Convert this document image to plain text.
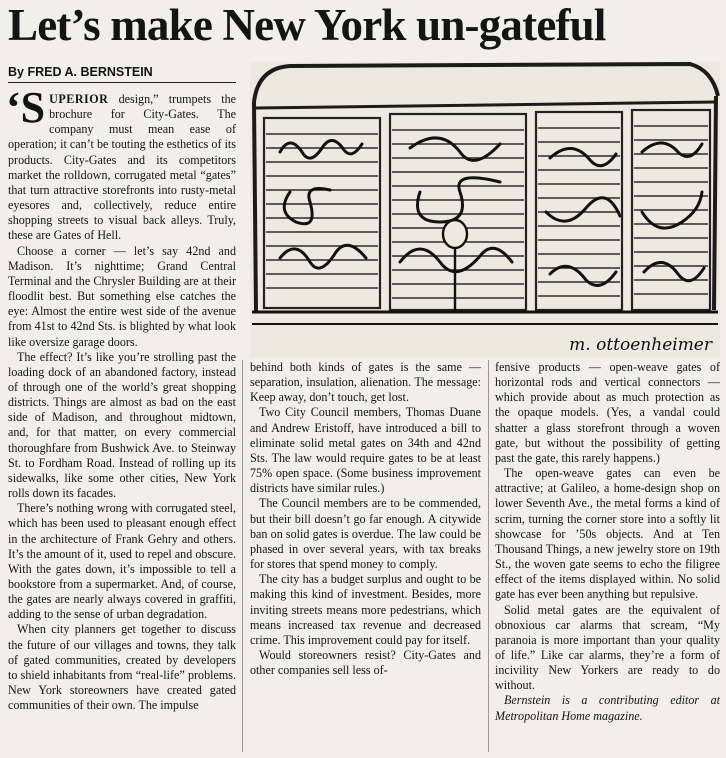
Let’s make New York un-gateful
By FRED A. BERNSTEIN

‘SUPERIOR design,” trumpets the brochure for City-Gates. The company must mean ease of operation; it can’t be touting the esthetics of its products. City-Gates and its competitors market the rolldown, corrugated metal “gates” that turn attractive storefronts into rusty-metal eyesores and, collectively, reduce entire shopping streets to visual back alleys. Truly, these are Gates of Hell.

Choose a corner — let’s say 42nd and Madison. It’s nighttime; Grand Central Terminal and the Chrysler Building are at their floodlit best. But something else catches the eye: Almost the entire west side of the avenue from 41st to 42nd Sts. is blighted by what look like oversize garage doors.

The effect? It’s like you’re strolling past the loading dock of an abandoned factory, instead of through one of the world’s great shopping districts. Things are almost as bad on the east side of Madison, and throughout midtown, and, for that matter, on every commercial thoroughfare from Bushwick Ave. to Steinway St. to Fordham Road. Instead of rolling up its sidewalks, like some other cities, New York rolls down its facades.

There’s nothing wrong with corrugated steel, which has been used to pleasant enough effect in the architecture of Frank Gehry and others. It’s the amount of it, used to repel and obscure. With the gates down, it’s impossible to tell a bookstore from a supermarket. And, of course, the gates are nearly always covered in graffiti, adding to the sense of urban degradation.

When city planners get together to discuss the future of our villages and towns, they talk of gated communities, created by developers to shield inhabitants from “real-life” problems. New York storeowners have created gated communities of their own. The impulse

m. ottoenheimer

behind both kinds of gates is the same — separation, insulation, alienation. The message: Keep away, don’t touch, get lost.

Two City Council members, Thomas Duane and Andrew Eristoff, have introduced a bill to eliminate solid metal gates on 34th and 42nd Sts. The law would require gates to be at least 75% open space. (Some business improvement districts have similar rules.)

The Council members are to be commended, but their bill doesn’t go far enough. A citywide ban on solid gates is overdue. The law could be phased in over several years, with tax breaks for stores that spend money to comply.

The city has a budget surplus and ought to be making this kind of investment. Besides, more inviting streets means more pedestrians, which means increased tax revenue and decreased crime. This improvement could pay for itself.

Would storeowners resist? City-Gates and other companies sell less of-

fensive products — open-weave gates of horizontal rods and vertical connectors — which provide about as much protection as the opaque models. (Yes, a vandal could shatter a glass storefront through a woven gate, but without the possibility of getting past the gate, this rarely happens.)

The open-weave gates can even be attractive; at Galileo, a home-design shop on lower Seventh Ave., the metal forms a kind of scrim, turning the corner store into a softly lit showcase for ’50s objects. And at Ten Thousand Things, a new jewelry store on 19th St., the woven gate seems to echo the filigree effect of the items displayed within. No solid gate has ever been anything but repulsive.

Solid metal gates are the equivalent of obnoxious car alarms that scream, “My paranoia is more important than your quality of life.” Like car alarms, they’re a form of incivility New Yorkers are ready to do without.

Bernstein is a contributing editor at Metropolitan Home magazine.
